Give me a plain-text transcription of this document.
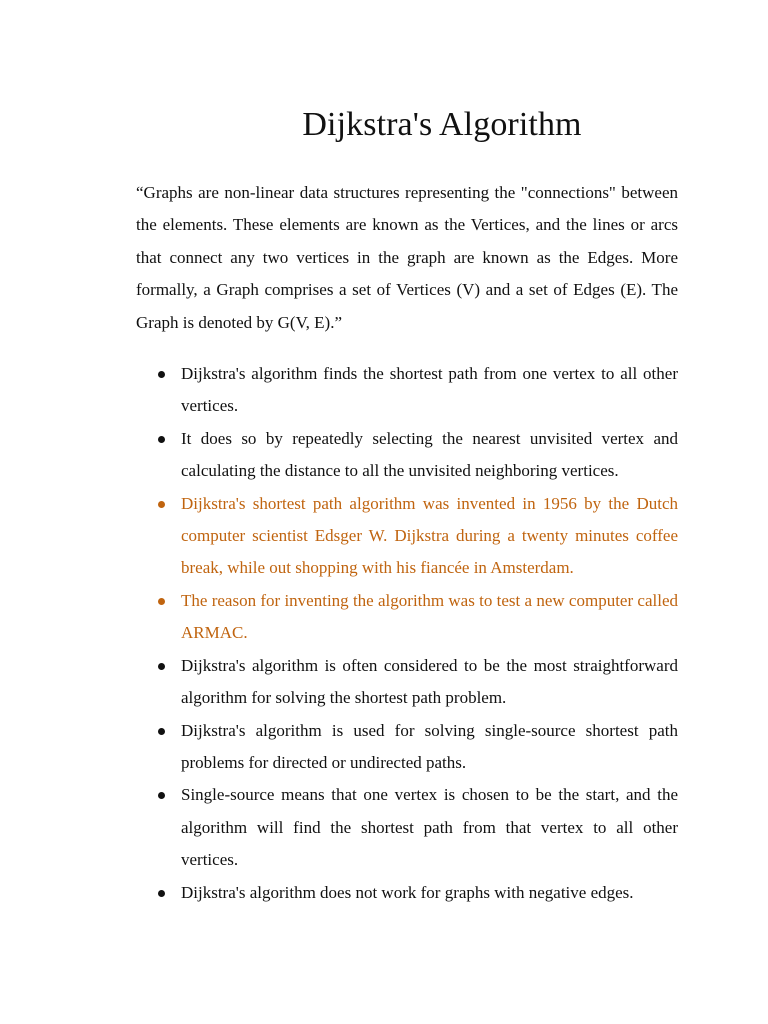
Dijkstra's Algorithm

“Graphs are non-linear data structures representing the "connections" between the elements. These elements are known as the Vertices, and the lines or arcs that connect any two vertices in the graph are known as the Edges. More formally, a Graph comprises a set of Vertices (V) and a set of Edges (E). The Graph is denoted by G(V, E).”

Dijkstra's algorithm finds the shortest path from one vertex to all other vertices.
It does so by repeatedly selecting the nearest unvisited vertex and calculating the distance to all the unvisited neighboring vertices.
Dijkstra's shortest path algorithm was invented in 1956 by the Dutch computer scientist Edsger W. Dijkstra during a twenty minutes coffee break, while out shopping with his fiancée in Amsterdam.
The reason for inventing the algorithm was to test a new computer called ARMAC.
Dijkstra's algorithm is often considered to be the most straightforward algorithm for solving the shortest path problem.
Dijkstra's algorithm is used for solving single-source shortest path problems for directed or undirected paths.
Single-source means that one vertex is chosen to be the start, and the algorithm will find the shortest path from that vertex to all other vertices.
Dijkstra's algorithm does not work for graphs with negative edges.
